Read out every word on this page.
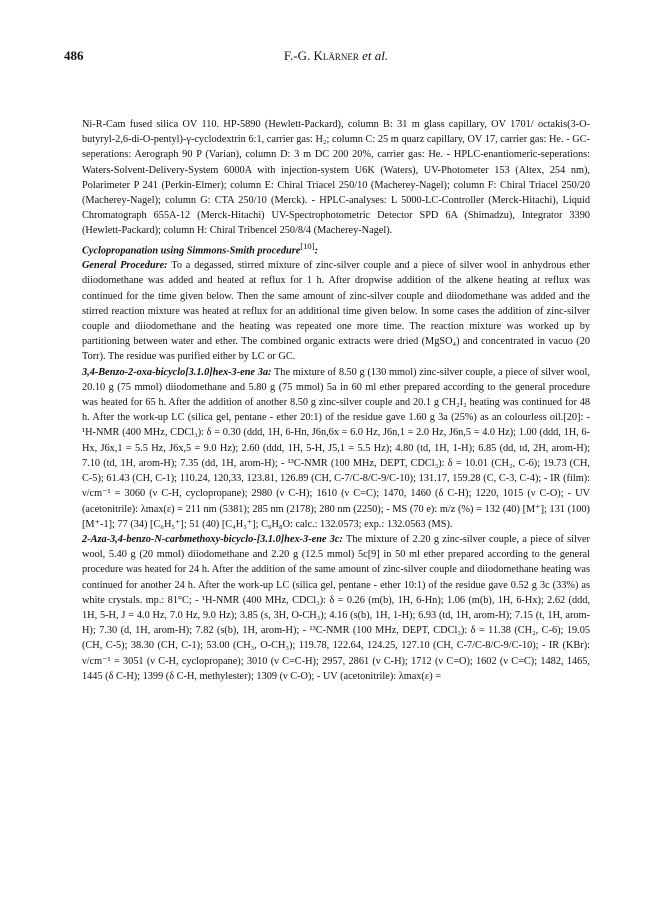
486	F.-G. Klärner et al.

Ni-R-Cam fused silica OV 110. HP-5890 (Hewlett-Packard), column B: 31 m glass capillary, OV 1701/ octakis(3-O-butyryl-2,6-di-O-pentyl)-γ-cyclodextrin 6:1, carrier gas: H₂; column C: 25 m quarz capillary, OV 17, carrier gas: He. - GC-seperations: Aerograph 90 P (Varian), column D: 3 m DC 200 20%, carrier gas: He. - HPLC-enantiomeric-seperations: Waters-Solvent-Delivery-System 6000A with injection-system U6K (Waters), UV-Photometer 153 (Altex, 254 nm), Polarimeter P 241 (Perkin-Elmer); column E: Chiral Triacel 250/10 (Macherey-Nagel); column F: Chiral Triacel 250/20 (Macherey-Nagel); column G: CTA 250/10 (Merck). - HPLC-analyses: L 5000-LC-Controller (Merck-Hitachi), Liquid Chromatograph 655A-12 (Merck-Hitachi) UV-Spectrophotometric Detector SPD 6A (Shimadzu), Integrator 3390 (Hewlett-Packard); column H: Chiral Tribencel 250/8/4 (Macherey-Nagel).

Cyclopropanation using Simmons-Smith procedure[10]:

General Procedure: To a degassed, stirred mixture of zinc-silver couple and a piece of silver wool in anhydrous ether diiodomethane was added and heated at reflux for 1 h. After dropwise addition of the alkene heating at reflux was continued for the time given below. Then the same amount of zinc-silver couple and diiodomethane was added and the stirred reaction mixture was heated at reflux for an additional time given below. In some cases the addition of zinc-silver couple and diiodomethane and the heating was repeated one more time. The reaction mixture was worked up by partitioning between water and ether. The combined organic extracts were dried (MgSO₄) and concentrated in vacuo (20 Torr). The residue was purified either by LC or GC.

3,4-Benzo-2-oxa-bicyclo[3.1.0]hex-3-ene 3a: The mixture of 8.50 g (130 mmol) zinc-silver couple, a piece of silver wool, 20.10 g (75 mmol) diiodomethane and 5.80 g (75 mmol) 5a in 60 ml ether prepared according to the general procedure was heated for 65 h. After the addition of another 8.50 g zinc-silver couple and 20.1 g CH₂I₂ heating was continued for 48 h. After the work-up LC (silica gel, pentane - ether 20:1) of the residue gave 1.60 g 3a (25%) as an colourless oil.[20]: - ¹H-NMR (400 MHz, CDCl₃): δ = 0.30 (ddd, 1H, 6-Hn, J6n,6x = 6.0 Hz, J6n,1 = 2.0 Hz, J6n,5 = 4.0 Hz); 1.00 (ddd, 1H, 6-Hx, J6x,1 = 5.5 Hz, J6x,5 = 9.0 Hz); 2.60 (ddd, 1H, 5-H, J5,1 = 5.5 Hz); 4.80 (td, 1H, 1-H); 6.85 (dd, td, 2H, arom-H); 7.10 (td, 1H, arom-H); 7.35 (dd, 1H, arom-H); - ¹³C-NMR (100 MHz, DEPT, CDCl₃): δ = 10.01 (CH₂, C-6); 19.73 (CH, C-5); 61.43 (CH, C-1); 110.24, 120,33, 123.81, 126.89 (CH, C-7/C-8/C-9/C-10); 131.17, 159.28 (C, C-3, C-4); - IR (film): ν/cm⁻¹ = 3060 (ν C-H, cyclopropane); 2980 (ν C-H); 1610 (ν C=C); 1470, 1460 (δ C-H); 1220, 1015 (ν C-O); - UV (acetonitrile): λmax(ε) = 211 nm (5381); 285 nm (2178); 280 nm (2250); - MS (70 e): m/z (%) = 132 (40) [M⁺]; 131 (100) [M⁺-1]; 77 (34) [C₆H₅⁺]; 51 (40) [C₄H₃⁺]; C₉H₈O: calc.: 132.0573; exp.: 132.0563 (MS).

2-Aza-3,4-benzo-N-carbmethoxy-bicyclo-[3.1.0]hex-3-ene 3c: The mixture of 2.20 g zinc-silver couple, a piece of silver wool, 5.40 g (20 mmol) diiodomethane and 2.20 g (12.5 mmol) 5c[9] in 50 ml ether prepared according to the general procedure was heated for 24 h. After the addition of the same amount of zinc-silver couple and diiodomethane heating was continued for another 24 h. After the work-up LC (silica gel, pentane - ether 10:1) of the residue gave 0.52 g 3c (33%) as white crystals. mp.: 81°C; - ¹H-NMR (400 MHz, CDCl₃): δ = 0.26 (m(b), 1H, 6-Hn); 1.06 (m(b), 1H, 6-Hx); 2.62 (ddd, 1H, 5-H, J = 4.0 Hz, 7.0 Hz, 9.0 Hz); 3.85 (s, 3H, O-CH₃); 4.16 (s(b), 1H, 1-H); 6.93 (td, 1H, arom-H); 7.15 (t, 1H, arom-H); 7.30 (d, 1H, arom-H); 7.82 (s(b), 1H, arom-H); - ¹³C-NMR (100 MHz, DEPT, CDCl₃): δ = 11.38 (CH₂, C-6); 19.05 (CH, C-5); 38.30 (CH, C-1); 53.00 (CH₃, O-CH₃); 119.78, 122.64, 124.25, 127.10 (CH, C-7/C-8/C-9/C-10); - IR (KBr): ν/cm⁻¹ = 3051 (ν C-H, cyclopropane); 3010 (ν C=C-H); 2957, 2861 (ν C-H); 1712 (ν C=O); 1602 (ν C=C); 1482, 1465, 1445 (δ C-H); 1399 (δ C-H, methylester); 1309 (ν C-O); - UV (acetonitrile): λmax(ε) =
